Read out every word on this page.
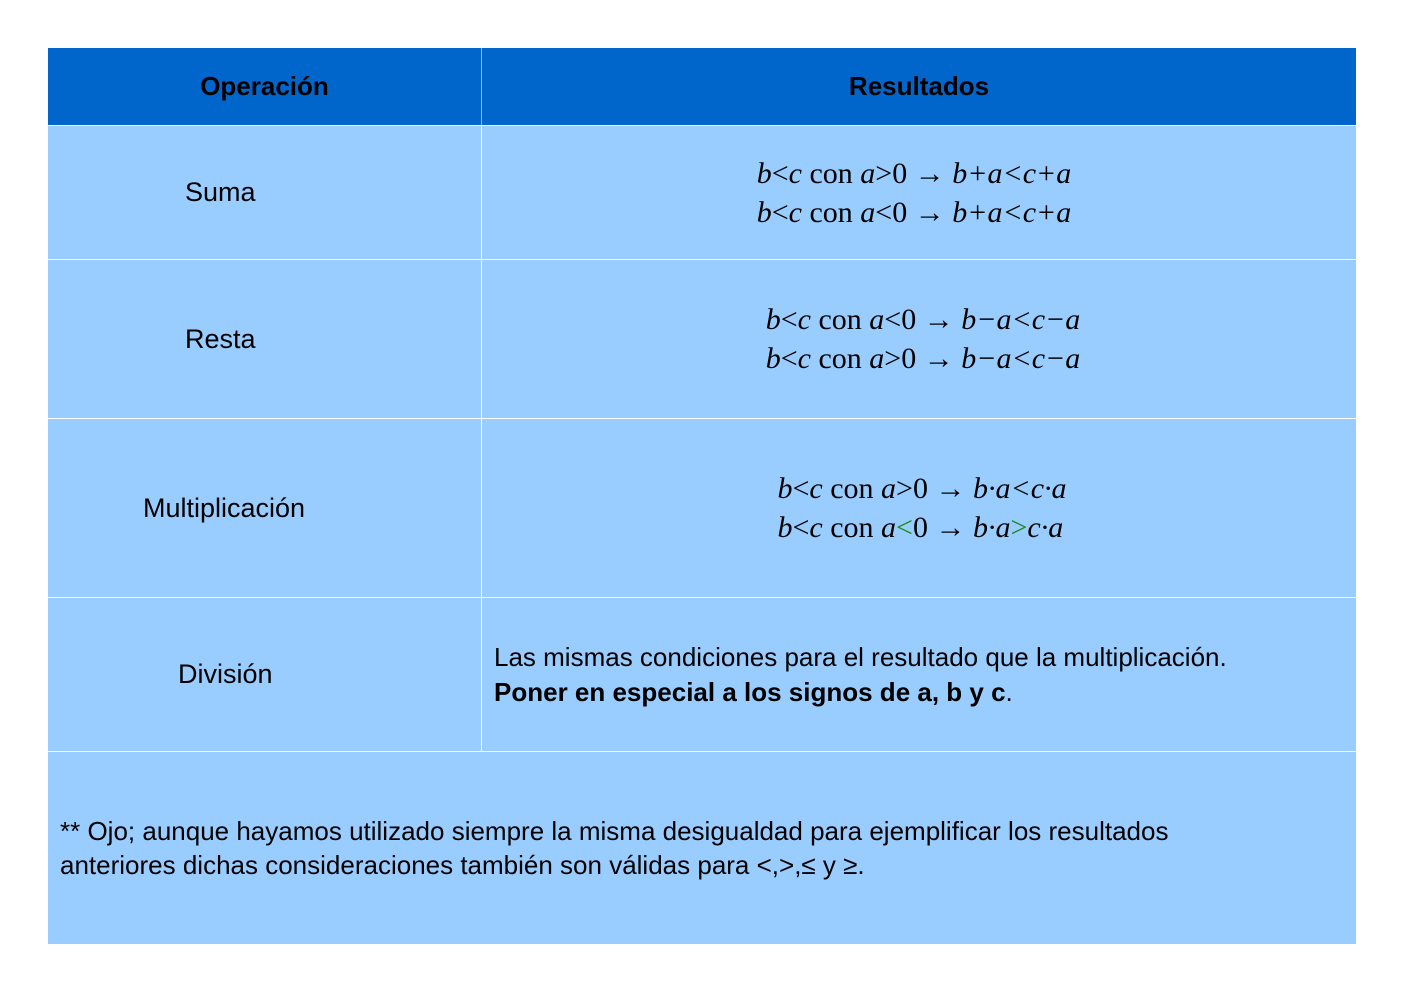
Operación	Resultados
Suma
b<c con a>0 → b+a<c+a
b<c con a<0 → b+a<c+a
Resta
b<c con a<0 → b−a<c−a
b<c con a>0 → b−a<c−a
Multiplicación
b<c con a>0 → b·a<c·a
b<c con a<0 → b·a>c·a
División
Las mismas condiciones para el resultado que la multiplicación.
Poner en especial a los signos de a, b y c.
** Ojo; aunque hayamos utilizado siempre la misma desigualdad para ejemplificar los resultados
anteriores dichas consideraciones también son válidas para <,>,≤ y ≥.
